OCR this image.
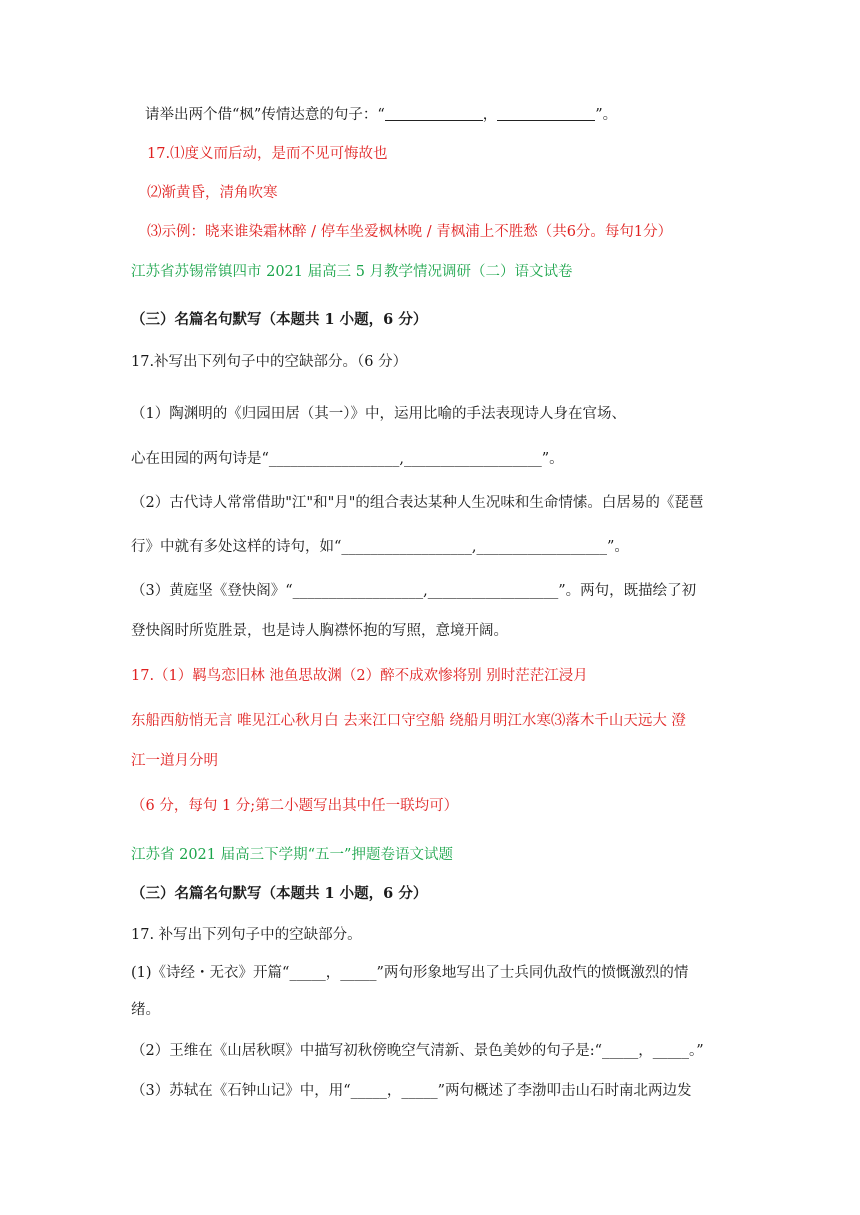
请举出两个借“枫”传情达意的句子：“	，	”。
17.⑴度义而后动，是而不见可悔故也
⑵渐黄昏，清角吹寒
⑶示例：晓来谁染霜林醉 / 停车坐爱枫林晚 / 青枫浦上不胜愁（共6分。每句1分）
江苏省苏锡常镇四市 2021 届高三 5 月教学情况调研（二）语文试卷
（三）名篇名句默写（本题共 1 小题，6 分）
17.补写出下列句子中的空缺部分。（6 分）
（1）陶渊明的《归园田居（其一）》中，运用比喻的手法表现诗人身在官场、
心在田园的两句诗是“__________________,___________________”。
（2）古代诗人常常借助"江"和"月"的组合表达某种人生况味和生命情愫。白居易的《琵琶
行》中就有多处这样的诗句，如“__________________,__________________”。
（3）黄庭坚《登快阁》“__________________,__________________”。两句，既描绘了初
登快阁时所览胜景，也是诗人胸襟怀抱的写照，意境开阔。
17.（1）羁鸟恋旧林 池鱼思故渊（2）醉不成欢惨将别 别时茫茫江浸月
东船西舫悄无言 唯见江心秋月白 去来江口守空船 绕船月明江水寒⑶落木千山天远大 澄
江一道月分明
（6 分，每句 1 分;第二小题写出其中任一联均可）
江苏省 2021 届高三下学期“五一”押题卷语文试题
（三）名篇名句默写（本题共 1 小题，6 分）
17. 补写出下列句子中的空缺部分。
(1)《诗经・无衣》开篇“_____，_____”两句形象地写出了士兵同仇敌忾的愤慨激烈的情
绪。
（2）王维在《山居秋暝》中描写初秋傍晚空气清新、景色美妙的句子是:“_____，_____。”
（3）苏轼在《石钟山记》中，用“_____，_____”两句概述了李渤叩击山石时南北两边发
